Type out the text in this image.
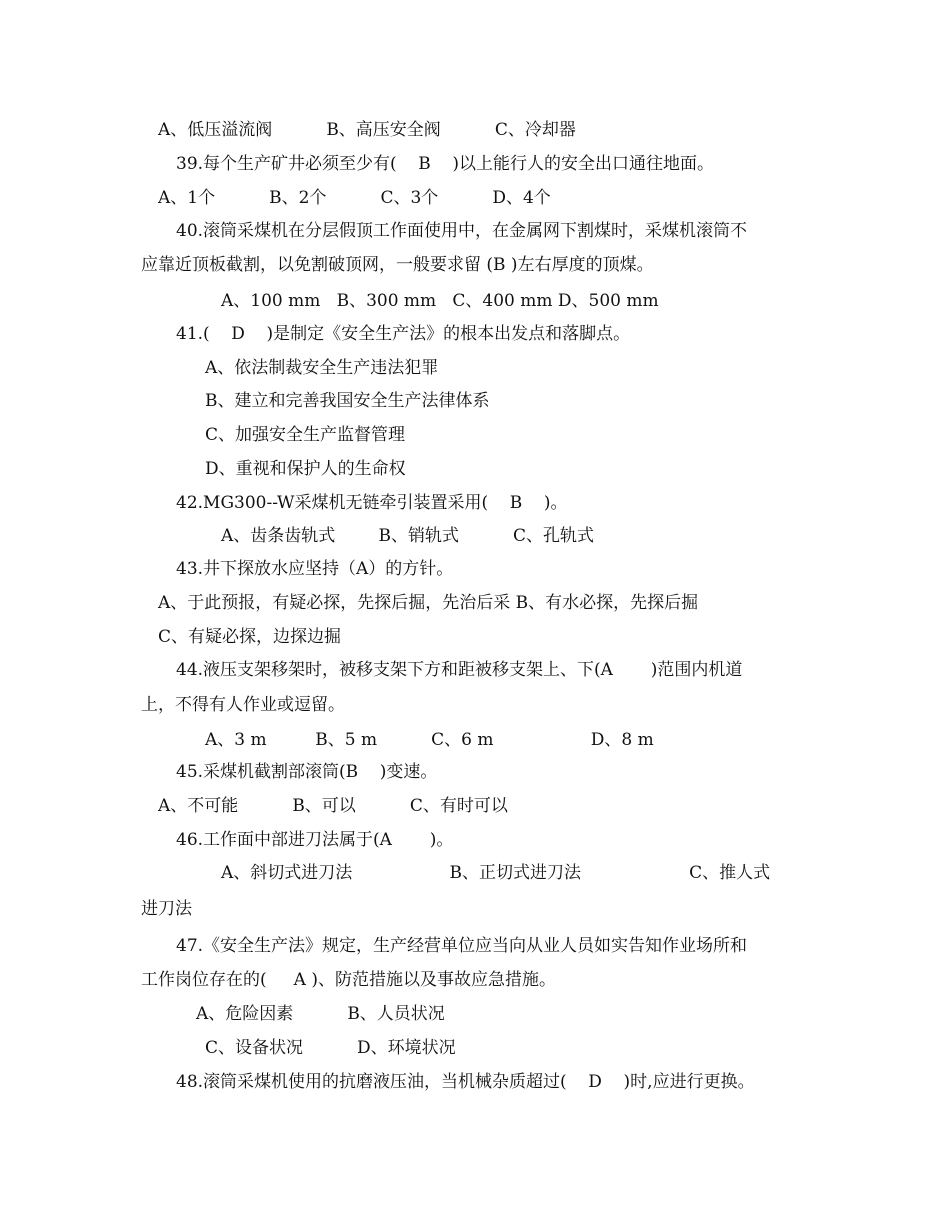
A、低压溢流阀          B、高压安全阀          C、冷却器

39.每个生产矿井必须至少有(    B    )以上能行人的安全出口通往地面。

A、1个          B、2个          C、3个          D、4个

40.滚筒采煤机在分层假顶工作面使用中，在金属网下割煤时，采煤机滚筒不

应靠近顶板截割，以免割破顶网，一般要求留 (B )左右厚度的顶煤。

A、100 mm   B、300 mm   C、400 mm D、500 mm

41.(    D    )是制定《安全生产法》的根本出发点和落脚点。

A、依法制裁安全生产违法犯罪

B、建立和完善我国安全生产法律体系

C、加强安全生产监督管理

D、重视和保护人的生命权

42.MG300--W采煤机无链牵引装置采用(    B    )。

A、齿条齿轨式        B、销轨式          C、孔轨式

43.井下探放水应坚持（A）的方针。

A、于此预报，有疑必探，先探后掘，先治后采 B、有水必探，先探后掘

C、有疑必探，边探边掘

44.液压支架移架时，被移支架下方和距被移支架上、下(A       )范围内机道

上，不得有人作业或逗留。

A、3 m         B、5 m          C、6 m                  D、8 m

45.采煤机截割部滚筒(B    )变速。

A、不可能          B、可以          C、有时可以

46.工作面中部进刀法属于(A       )。

A、斜切式进刀法                  B、正切式进刀法                    C、推人式

进刀法

47.《安全生产法》规定，生产经营单位应当向从业人员如实告知作业场所和

工作岗位存在的(     A )、防范措施以及事故应急措施。

A、危险因素          B、人员状况

C、设备状况          D、环境状况

48.滚筒采煤机使用的抗磨液压油，当机械杂质超过(    D    )时,应进行更换。
